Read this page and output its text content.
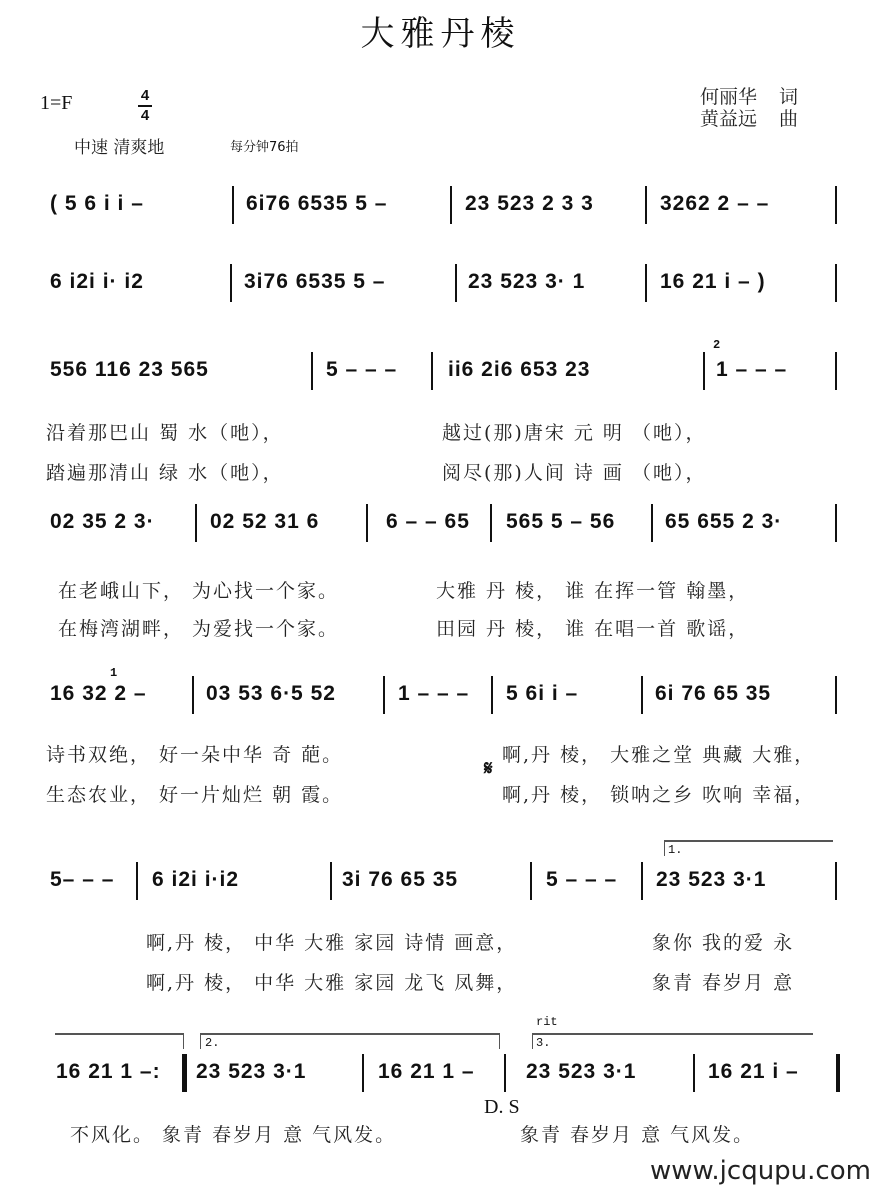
大雅丹棱
1=F	4
4
中速 清爽地	每分钟76拍
何丽华 词
黄益远 曲
( 5 6 i i –	6i76 6535 5 –	23 523 2 3 3	3262 2 – –
6 i2i i· i2	3i76 6535 5 –	23 523 3· 1	16 21 i – )
556 116 23 565	5 – – – ii6 2i6 653 23	1 – – –
2
沿着那巴山 蜀 水（吔），	越过(那)唐宋 元 明 （吔），
踏遍那清山 绿 水（吔），	阅尽(那)人间 诗 画 （吔），
02 35 2 3·	02 52 31 6	6 – – 65 565 5 – 56 65 655 2 3·
在老峨山下， 为心找一个家。	大雅 丹 棱， 谁 在挥一管 翰墨，
在梅湾湖畔， 为爱找一个家。	田园 丹 棱， 谁 在唱一首 歌谣，
16 32 2 –
1
03 53 6·5 52	1 – – – 5 6i i –	6i 76 65 35
诗书双绝， 好一朵中华 奇 葩。	啊,丹 棱， 大雅之堂 典藏 大雅，
生态农业， 好一片灿烂 朝 霞。	啊,丹 棱， 锁呐之乡 吹响 幸福，
𝄋
1.
5– – – 6 i2i i·i2	3i 76 65 35	5 – – – 23 523 3·1
啊,丹 棱， 中华 大雅 家园 诗情 画意，	象你 我的爱 永
啊,丹 棱， 中华 大雅 家园 龙飞 凤舞，	象青 春岁月 意
2.
rit
3.
16 21 1 –: 23 523 3·1	16 21 1 – 23 523 3·1	16 21 i –
D. S
不风化。 象青 春岁月 意 气风发。	象青 春岁月 意 气风发。
www.jcqupu.com
